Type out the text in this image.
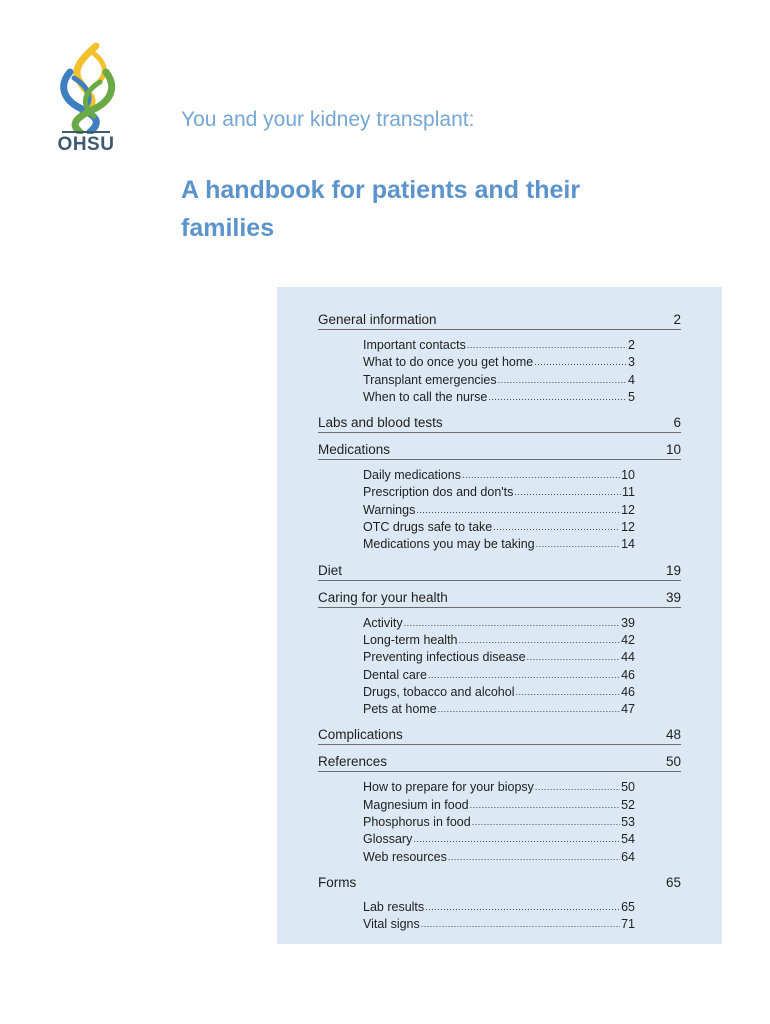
OHSU
You and your kidney transplant:
A handbook for patients and their families
General information	2
Important contacts .....	2
What to do once you get home .....	3
Transplant emergencies .....	4
When to call the nurse .....	5
Labs and blood tests	6
Medications	10
Daily medications .....	10
Prescription dos and don'ts .....	11
Warnings .....	12
OTC drugs safe to take .....	12
Medications you may be taking .....	14
Diet	19
Caring for your health	39
Activity .....	39
Long-term health .....	42
Preventing infectious disease .....	44
Dental care .....	46
Drugs, tobacco and alcohol .....	46
Pets at home .....	47
Complications	48
References	50
How to prepare for your biopsy .....	50
Magnesium in food .....	52
Phosphorus in food .....	53
Glossary .....	54
Web resources .....	64
Forms	65
Lab results .....	65
Vital signs .....	71
